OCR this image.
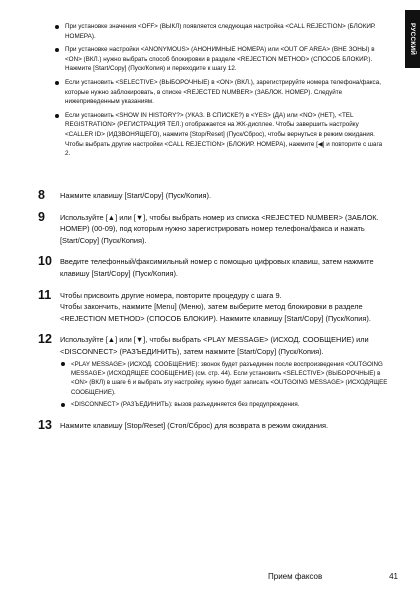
РУССКИЙ
При установке значения <OFF> (ВЫКЛ) появляется следующая настройка <CALL REJECTION> (БЛОКИР. НОМЕРА).
При установке настройки <ANONYMOUS> (АНОНИМНЫЕ НОМЕРА) или <OUT OF AREA> (ВНЕ ЗОНЫ) в <ON> (ВКЛ.) нужно выбрать способ блокировки в разделе <REJECTION METHOD> (СПОСОБ БЛОКИР.). Нажмите [Start/Copy] (Пуск/Копия) и переходите к шагу 12.
Если установить <SELECTIVE> (ВЫБОРОЧНЫЕ) в <ON> (ВКЛ.), зарегистрируйте номера телефона/факса, которые нужно заблокировать, в списке <REJECTED NUMBER> (ЗАБЛОК. НОМЕР). Следуйте нижеприведенным указаниям.
Если установить <SHOW IN HISTORY?> (УКАЗ. В СПИСКЕ?) в <YES> (ДА) или <NO> (НЕТ), <TEL REGISTRATION> (РЕГИСТРАЦИЯ ТЕЛ.) отображается на ЖК-дисплее. Чтобы завершить настройку <CALLER ID> (ИДЗВОНЯЩЕГО), нажмите [Stop/Reset] (Пуск/Сброс), чтобы вернуться в режим ожидания. Чтобы выбрать другие настройки <CALL REJECTION> (БЛОКИР. НОМЕРА), нажмите [◀] и повторите с шага 2.
8 Нажмите клавишу [Start/Copy] (Пуск/Копия).

9 Используйте [▲] или [▼], чтобы выбрать номер из списка <REJECTED NUMBER> (ЗАБЛОК. НОМЕР) (00-09), под которым нужно зарегистрировать номер телефона/факса и нажать [Start/Copy] (Пуск/Копия).

10 Введите телефонный/факсимильный номер с помощью цифровых клавиш, затем нажмите клавишу [Start/Copy] (Пуск/Копия).

11 Чтобы присвоить другие номера, повторите процедуру с шага 9.

Чтобы закончить, нажмите [Menu] (Меню), затем выберите метод блокировки в разделе <REJECTION METHOD> (СПОСОБ БЛОКИР). Нажмите клавишу [Start/Copy] (Пуск/Копия).

12 Используйте [▲] или [▼], чтобы выбрать <PLAY MESSAGE> (ИСХОД. СООБЩЕНИЕ) или <DISCONNECT> (РАЗЪЕДИНИТЬ), затем нажмите [Start/Copy] (Пуск/Копия).

<PLAY MESSAGE> (ИСХОД. СООБЩЕНИЕ): звонок будет разъединен после воспроизведения <OUTGOING MESSAGE> (ИСХОДЯЩЕЕ СООБЩЕНИЕ) (см. стр. 44). Если установить <SELECTIVE> (ВЫБОРОЧНЫЕ) в <ON> (ВКЛ) в шаге 6 и выбрать эту настройку, нужно будет записать <OUTGOING MESSAGE> (ИСХОДЯЩЕЕ СООБЩЕНИЕ).
<DISCONNECT> (РАЗЪЕДИНИТЬ): вызов разъединяется без предупреждения.
13 Нажмите клавишу [Stop/Reset] (Стоп/Сброс) для возврата в режим ожидания.

Прием факсов	41
